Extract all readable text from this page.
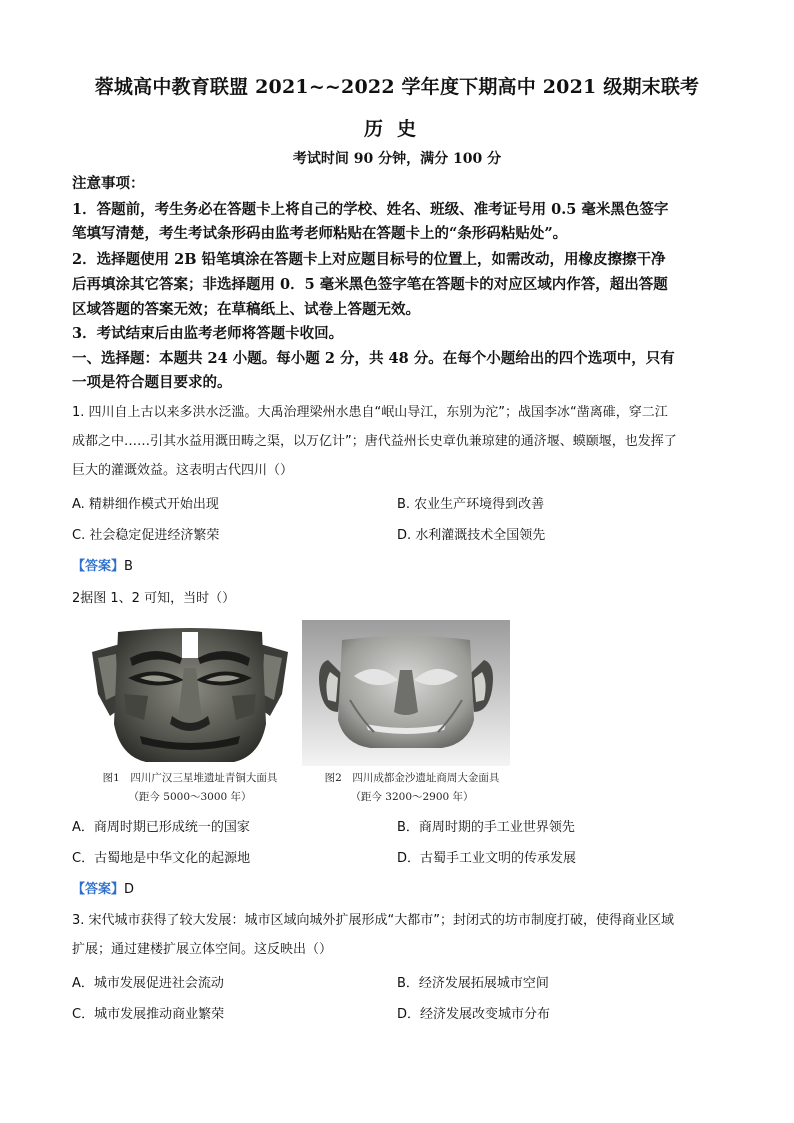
蓉城高中教育联盟 2021~~2022 学年度下期高中 2021 级期末联考
历史
考试时间 90 分钟，满分 100 分
注意事项：
1．答题前，考生务必在答题卡上将自己的学校、姓名、班级、准考证号用 0.5 毫米黑色签字
笔填写清楚，考生考试条形码由监考老师粘贴在答题卡上的“条形码粘贴处”。
2．选择题使用 2B 铅笔填涂在答题卡上对应题目标号的位置上，如需改动，用橡皮擦擦干净
后再填涂其它答案；非选择题用 0．5 毫米黑色签字笔在答题卡的对应区域内作答，超出答题
区域答题的答案无效；在草稿纸上、试卷上答题无效。
3．考试结束后由监考老师将答题卡收回。
一、选择题：本题共 24 小题。每小题 2 分，共 48 分。在每个小题给出的四个选项中，只有
一项是符合题目要求的。
1. 四川自上古以来多洪水泛滥。大禹治理梁州水患自“岷山导江，东别为沱”；战国李冰“凿离碓，穿二江
成都之中……引其水益用溉田畴之渠，以万亿计”；唐代益州长史章仇兼琼建的通济堰、蟆颐堰，也发挥了
巨大的灌溉效益。这表明古代四川（）
A. 精耕细作模式开始出现	B. 农业生产环境得到改善
C. 社会稳定促进经济繁荣	D. 水利灌溉技术全国领先
【答案】B
2据图 1、2 可知，当时（）
图1　四川广汉三星堆遗址青铜大面具
（距今 5000～3000 年）
图2　四川成都金沙遗址商周大金面具
（距今 3200～2900 年）
A．商周时期已形成统一的国家	B．商周时期的手工业世界领先
C．古蜀地是中华文化的起源地	D．古蜀手工业文明的传承发展
【答案】D
3. 宋代城市获得了较大发展：城市区域向城外扩展形成“大都市”；封闭式的坊市制度打破，使得商业区域
扩展；通过建楼扩展立体空间。这反映出（）
A．城市发展促进社会流动	B．经济发展拓展城市空间
C．城市发展推动商业繁荣	D．经济发展改变城市分布
